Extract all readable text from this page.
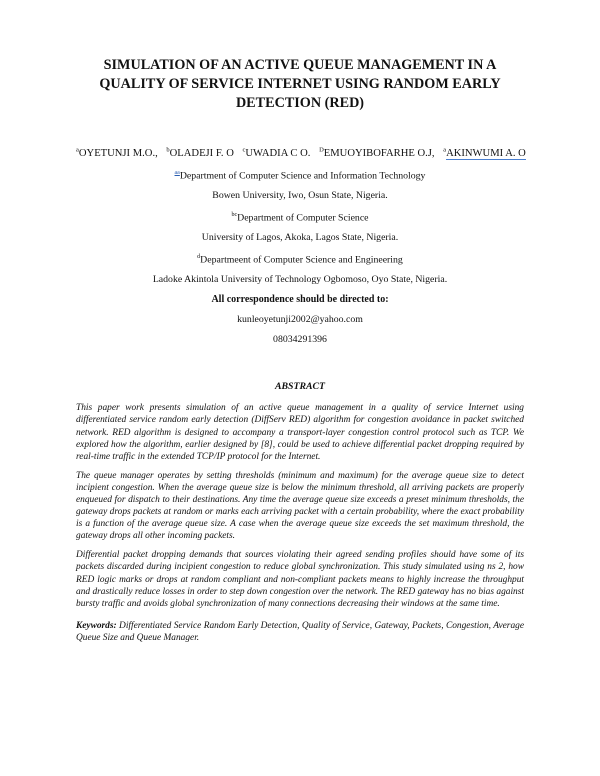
SIMULATION OF AN ACTIVE QUEUE MANAGEMENT IN A
QUALITY OF SERVICE INTERNET USING RANDOM EARLY
DETECTION (RED)
$^a$OYETUNJI M.O., $^b$OLADEJI F. O $^c$UWADIA C O. $^D$EMUOYIBOFARHE O.J, $^a$AKINWUMI A. O
$^{aa}$Department of Computer Science and Information Technology
Bowen University, Iwo, Osun State, Nigeria.
$^{bc}$Department of Computer Science
University of Lagos, Akoka, Lagos State, Nigeria.
$^d$Departmeent of Computer Science and Engineering
Ladoke Akintola University of Technology Ogbomoso, Oyo State, Nigeria.
All correspondence should be directed to:
kunleoyetunji2002@yahoo.com
08034291396
ABSTRACT

This paper work presents simulation of an active queue management in a quality of service Internet using differentiated service random early detection (DiffServ RED) algorithm for congestion avoidance in packet switched network. RED algorithm is designed to accompany a transport-layer congestion control protocol such as TCP. We explored how the algorithm, earlier designed by [8], could be used to achieve differential packet dropping required by real-time traffic in the extended TCP/IP protocol for the Internet.

The queue manager operates by setting thresholds (minimum and maximum) for the average queue size to detect incipient congestion. When the average queue size is below the minimum threshold, all arriving packets are properly enqueued for dispatch to their destinations. Any time the average queue size exceeds a preset minimum thresholds, the gateway drops packets at random or marks each arriving packet with a certain probability, where the exact probability is a function of the average queue size. A case when the average queue size exceeds the set maximum threshold, the gateway drops all other incoming packets.

Differential packet dropping demands that sources violating their agreed sending profiles should have some of its packets discarded during incipient congestion to reduce global synchronization. This study simulated using ns 2, how RED logic marks or drops at random compliant and non-compliant packets means to highly increase the throughput and drastically reduce losses in order to step down congestion over the network. The RED gateway has no bias against bursty traffic and avoids global synchronization of many connections decreasing their windows at the same time.

Keywords: Differentiated Service Random Early Detection, Quality of Service, Gateway, Packets, Congestion, Average Queue Size and Queue Manager.
